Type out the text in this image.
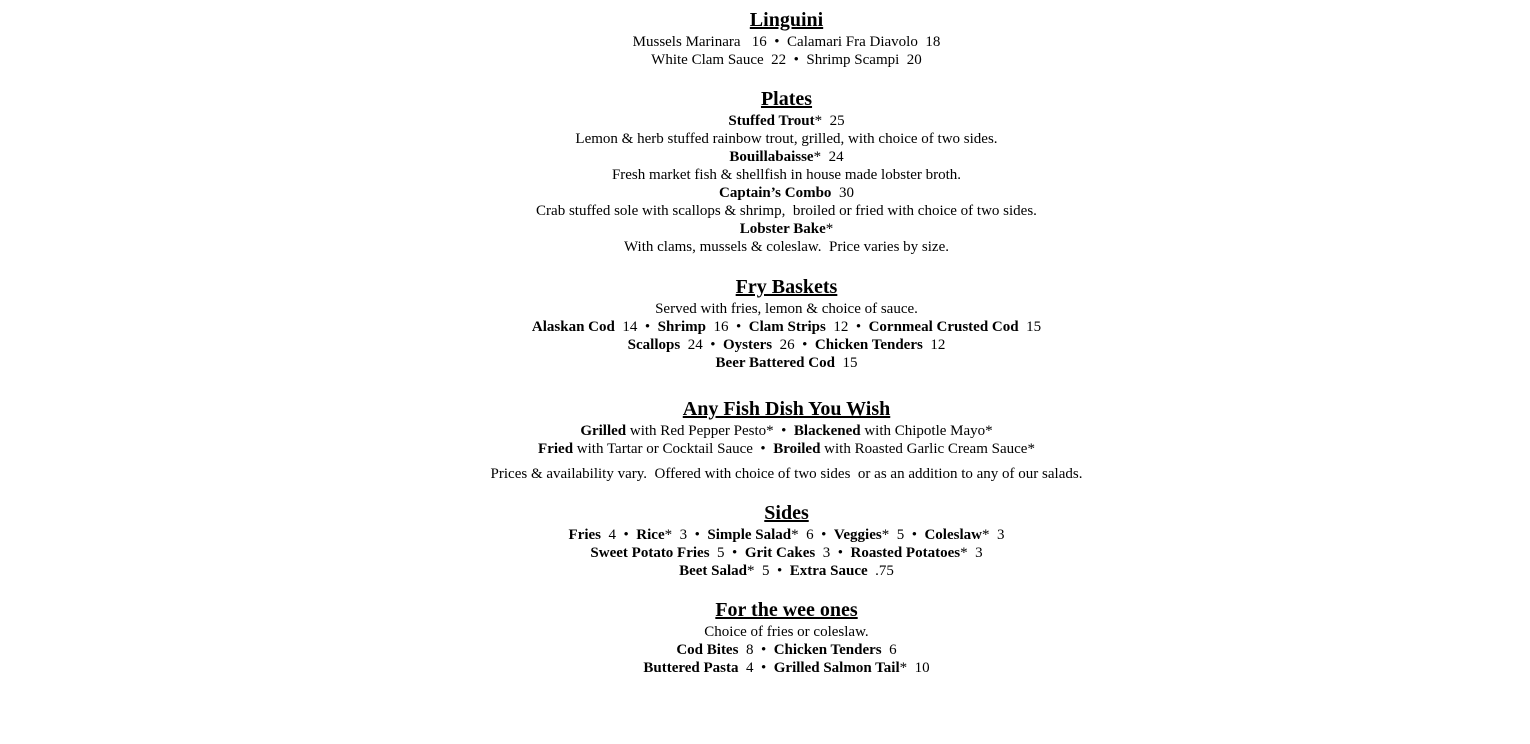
Linguini
Mussels Marinara   16  •  Calamari Fra Diavolo  18
White Clam Sauce  22  •  Shrimp Scampi  20
Plates
Stuffed Trout*  25
Lemon & herb stuffed rainbow trout, grilled, with choice of two sides.
Bouillabaisse*  24
Fresh market fish & shellfish in house made lobster broth.
Captain’s Combo  30
Crab stuffed sole with scallops & shrimp,  broiled or fried with choice of two sides.
Lobster Bake*
With clams, mussels & coleslaw.  Price varies by size.
Fry Baskets
Served with fries, lemon & choice of sauce.
Alaskan Cod 14  •  Shrimp 16  •  Clam Strips 12  •  Cornmeal Crusted Cod 15
Scallops 24  •  Oysters 26  •  Chicken Tenders 12
Beer Battered Cod 15
Any Fish Dish You Wish
Grilled with Red Pepper Pesto*  •  Blackened with Chipotle Mayo*
Fried with Tartar or Cocktail Sauce  •  Broiled with Roasted Garlic Cream Sauce*
Prices & availability vary.  Offered with choice of two sides  or as an addition to any of our salads.
Sides
Fries  4  •  Rice*  3  •  Simple Salad*  6  •  Veggies*  5  •  Coleslaw*  3
Sweet Potato Fries  5  •  Grit Cakes  3  •  Roasted Potatoes*  3
Beet Salad*  5  •  Extra Sauce  .75
For the wee ones
Choice of fries or coleslaw.
Cod Bites  8  •  Chicken Tenders  6
Buttered Pasta  4  •  Grilled Salmon Tail*  10
